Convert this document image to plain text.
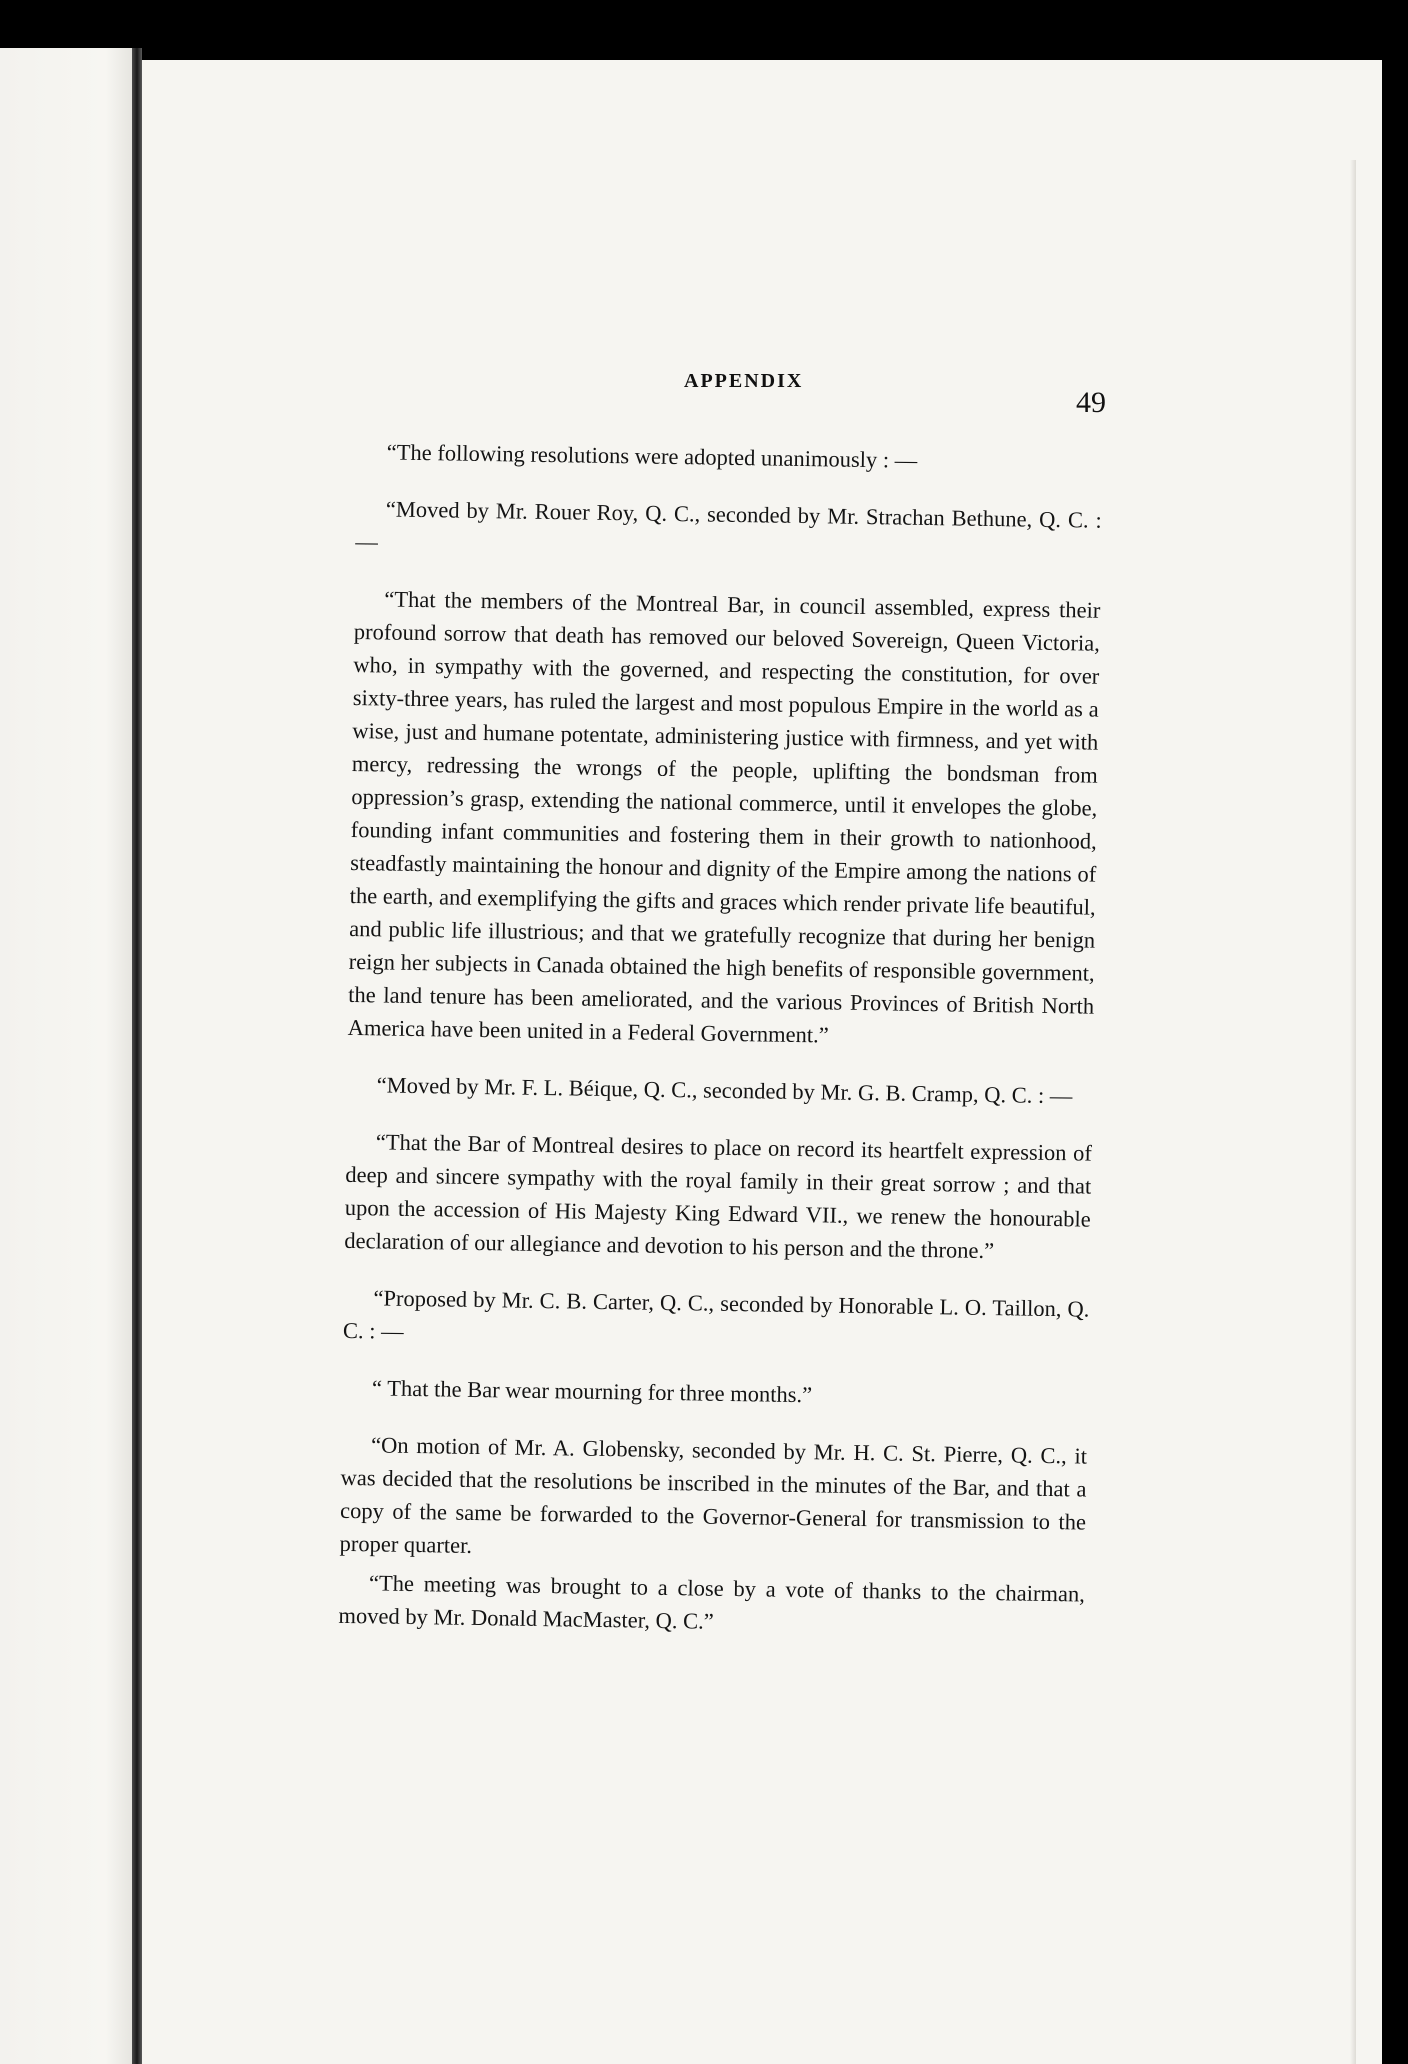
APPENDIX
49

“The following resolutions were adopted unanimously : —

“Moved by Mr. Rouer Roy, Q. C., seconded by Mr. Strachan Bethune, Q. C. : —

“That the members of the Montreal Bar, in council assembled, express their profound sorrow that death has removed our beloved Sovereign, Queen Victoria, who, in sympathy with the governed, and respecting the constitution, for over sixty-three years, has ruled the largest and most populous Empire in the world as a wise, just and humane potentate, administering justice with firmness, and yet with mercy, redressing the wrongs of the people, uplifting the bondsman from oppression’s grasp, extending the national commerce, until it envelopes the globe, founding infant communities and fostering them in their growth to nationhood, steadfastly maintaining the honour and dignity of the Empire among the nations of the earth, and exemplifying the gifts and graces which render private life beautiful, and public life illustrious; and that we gratefully recognize that during her benign reign her subjects in Canada obtained the high benefits of responsible government, the land tenure has been ameliorated, and the various Provinces of British North America have been united in a Federal Government.”

“Moved by Mr. F. L. Béique, Q. C., seconded by Mr. G. B. Cramp, Q. C. : —

“That the Bar of Montreal desires to place on record its heartfelt expression of deep and sincere sympathy with the royal family in their great sorrow ; and that upon the accession of His Majesty King Edward VII., we renew the honourable declaration of our allegiance and devotion to his person and the throne.”

“Proposed by Mr. C. B. Carter, Q. C., seconded by Honorable L. O. Taillon, Q. C. : —

“ That the Bar wear mourning for three months.”

“On motion of Mr. A. Globensky, seconded by Mr. H. C. St. Pierre, Q. C., it was decided that the resolutions be inscribed in the minutes of the Bar, and that a copy of the same be forwarded to the Governor-General for transmission to the proper quarter.

“The meeting was brought to a close by a vote of thanks to the chairman, moved by Mr. Donald MacMaster, Q. C.”
